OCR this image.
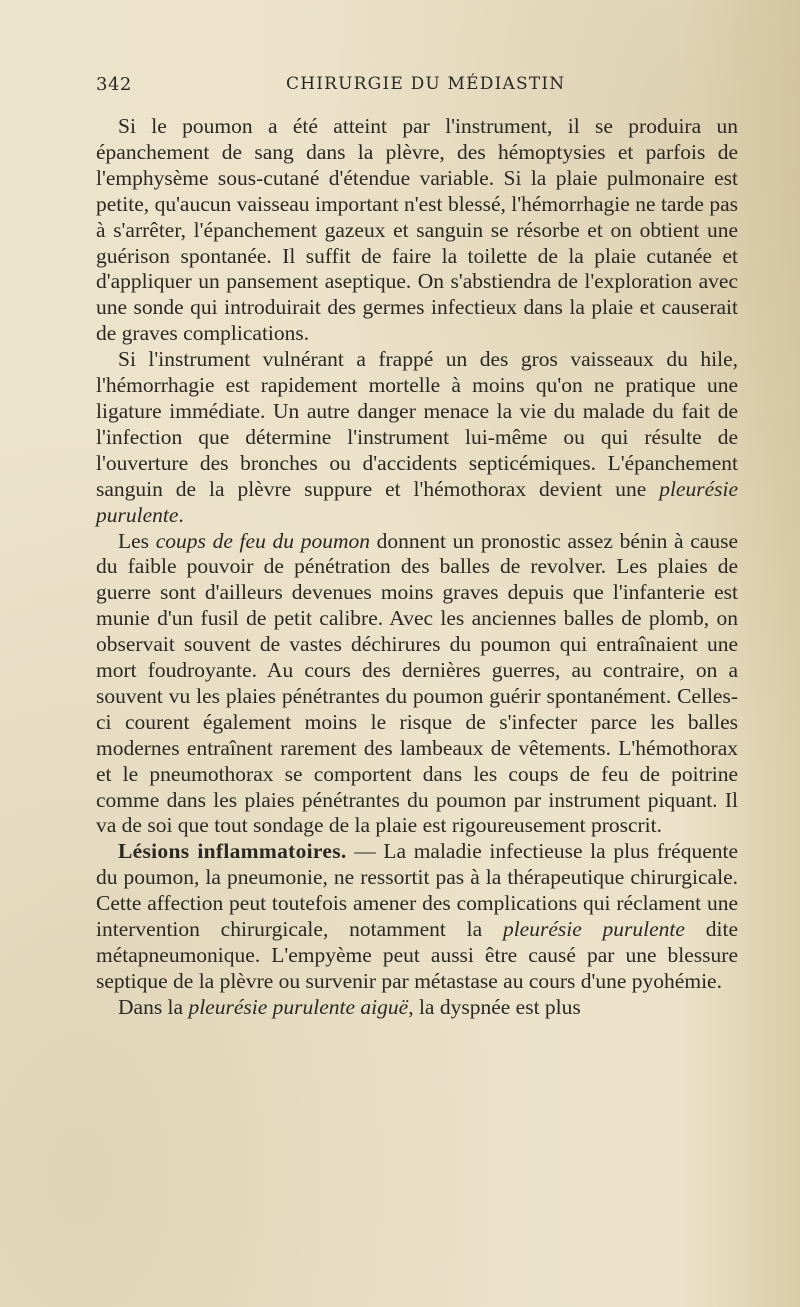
342	CHIRURGIE DU MÉDIASTIN

Si le poumon a été atteint par l'instrument, il se produira un épanchement de sang dans la plèvre, des hémoptysies et parfois de l'emphysème sous-cutané d'étendue variable. Si la plaie pulmonaire est petite, qu'aucun vaisseau important n'est blessé, l'hémorrhagie ne tarde pas à s'arrêter, l'épanchement gazeux et sanguin se résorbe et on obtient une guérison spontanée. Il suffit de faire la toilette de la plaie cutanée et d'appliquer un pansement aseptique. On s'abstiendra de l'exploration avec une sonde qui introduirait des germes infectieux dans la plaie et causerait de graves complications.

Si l'instrument vulnérant a frappé un des gros vaisseaux du hile, l'hémorrhagie est rapidement mortelle à moins qu'on ne pratique une ligature immédiate. Un autre danger menace la vie du malade du fait de l'infection que détermine l'instrument lui-même ou qui résulte de l'ouverture des bronches ou d'accidents septicémiques. L'épanchement sanguin de la plèvre suppure et l'hémothorax devient une pleurésie purulente.

Les coups de feu du poumon donnent un pronostic assez bénin à cause du faible pouvoir de pénétration des balles de revolver. Les plaies de guerre sont d'ailleurs devenues moins graves depuis que l'infanterie est munie d'un fusil de petit calibre. Avec les anciennes balles de plomb, on observait souvent de vastes déchirures du poumon qui entraînaient une mort foudroyante. Au cours des dernières guerres, au contraire, on a souvent vu les plaies pénétrantes du poumon guérir spontanément. Celles-ci courent également moins le risque de s'infecter parce les balles modernes entraînent rarement des lambeaux de vêtements. L'hémothorax et le pneumothorax se comportent dans les coups de feu de poitrine comme dans les plaies pénétrantes du poumon par instrument piquant. Il va de soi que tout sondage de la plaie est rigoureusement proscrit.

Lésions inflammatoires. — La maladie infectieuse la plus fréquente du poumon, la pneumonie, ne ressortit pas à la thérapeutique chirurgicale. Cette affection peut toutefois amener des complications qui réclament une intervention chirurgicale, notamment la pleurésie purulente dite métapneumonique. L'empyème peut aussi être causé par une blessure septique de la plèvre ou survenir par métastase au cours d'une pyohémie.

Dans la pleurésie purulente aiguë, la dyspnée est plus
